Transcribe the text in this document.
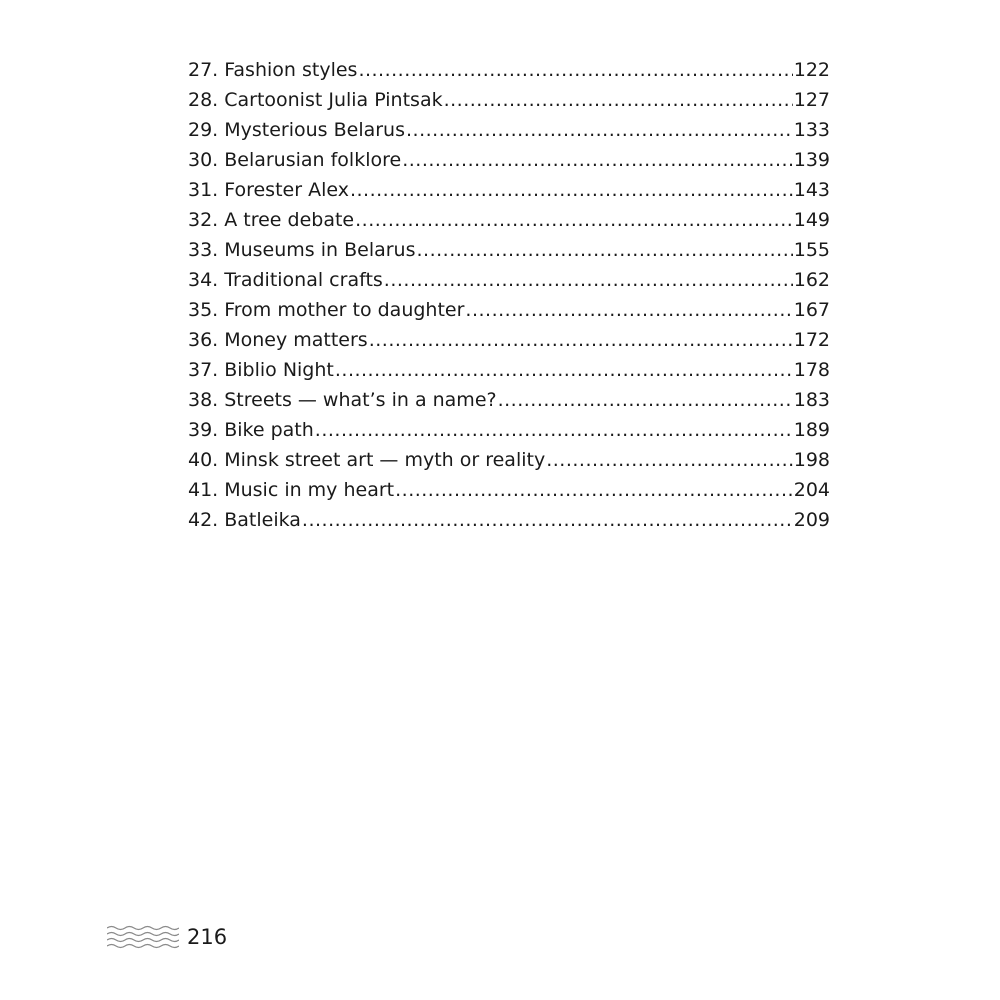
27. Fashion styles .....	122
28. Cartoonist Julia Pintsak .....	127
29. Mysterious Belarus .....	133
30. Belarusian folklore .....	139
31. Forester Alex .....	143
32. A tree debate .....	149
33. Museums in Belarus .....	155
34. Traditional crafts .....	162
35. From mother to daughter .....	167
36. Money matters .....	172
37. Biblio Night .....	178
38. Streets — what’s in a name? .....	183
39. Bike path .....	189
40. Minsk street art — myth or reality .....	198
41. Music in my heart .....	204
42. Batleika .....	209
216
